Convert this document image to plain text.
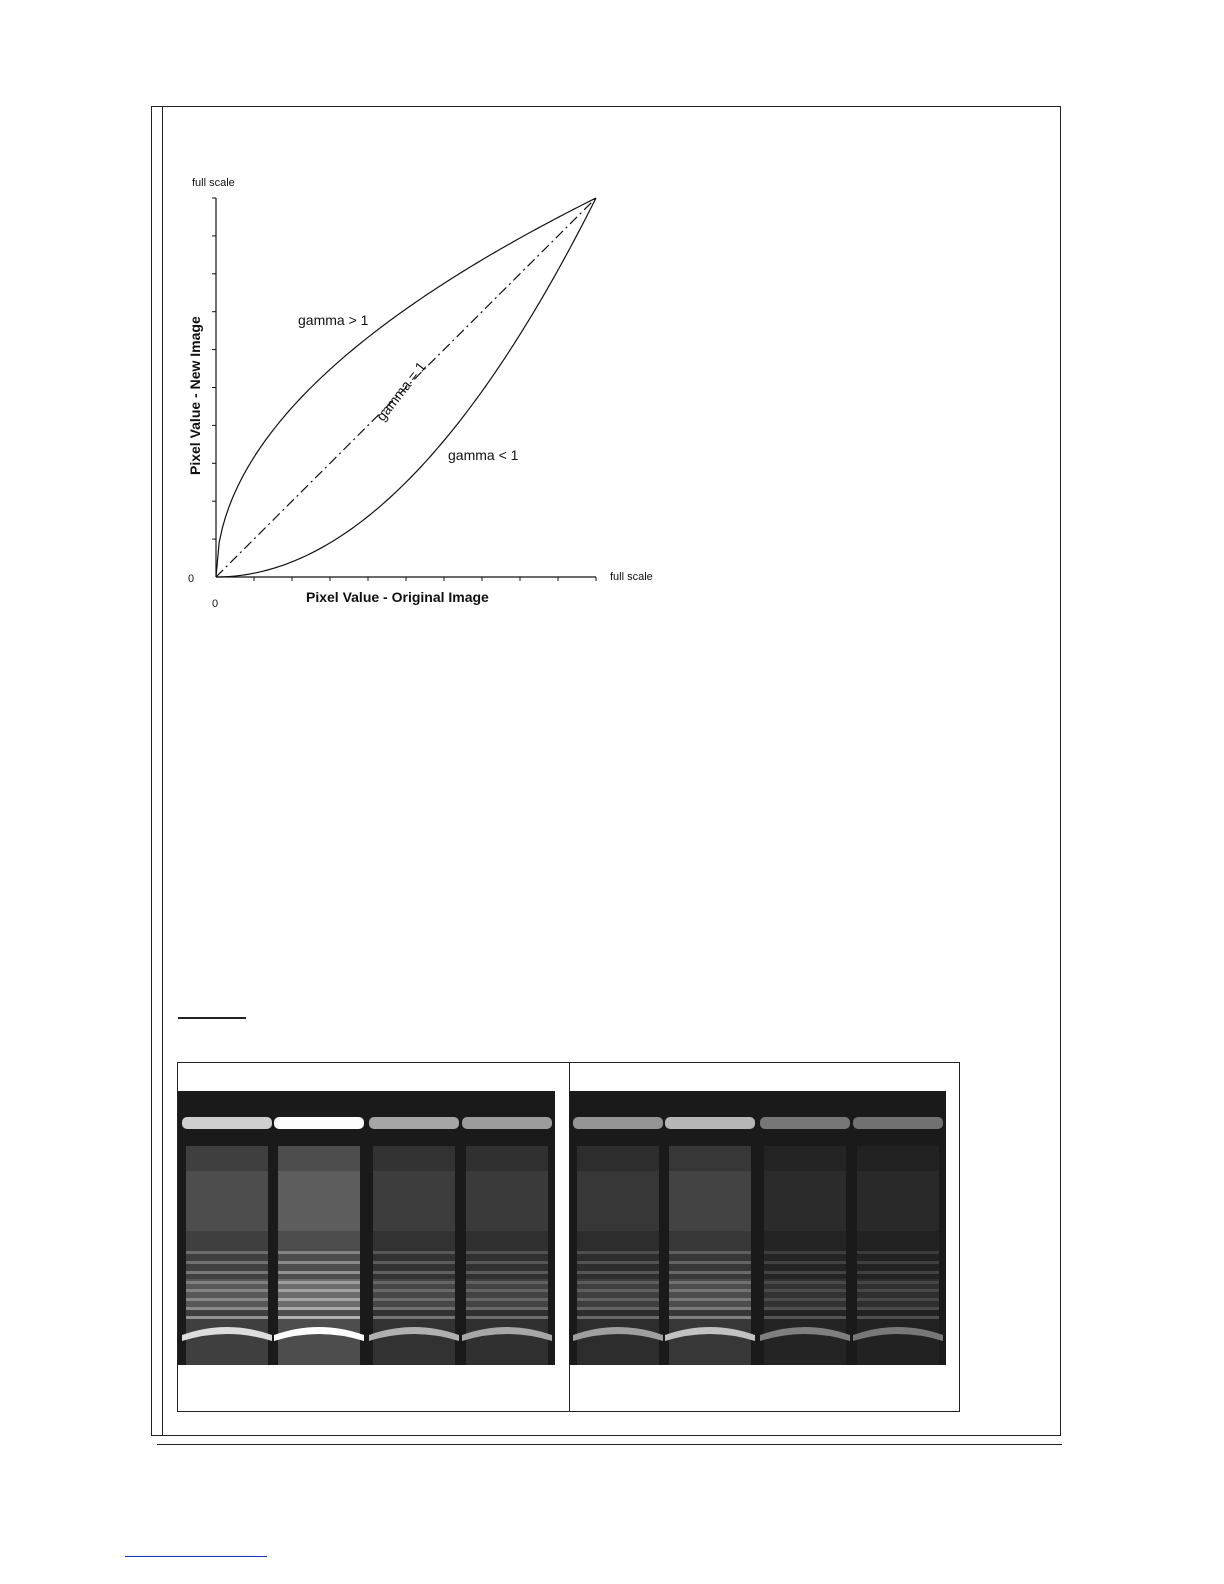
full scale
0
0
full scale
Pixel Value - Original Image
Pixel Value - New Image	gamma > 1
gamma = 1
gamma < 1
